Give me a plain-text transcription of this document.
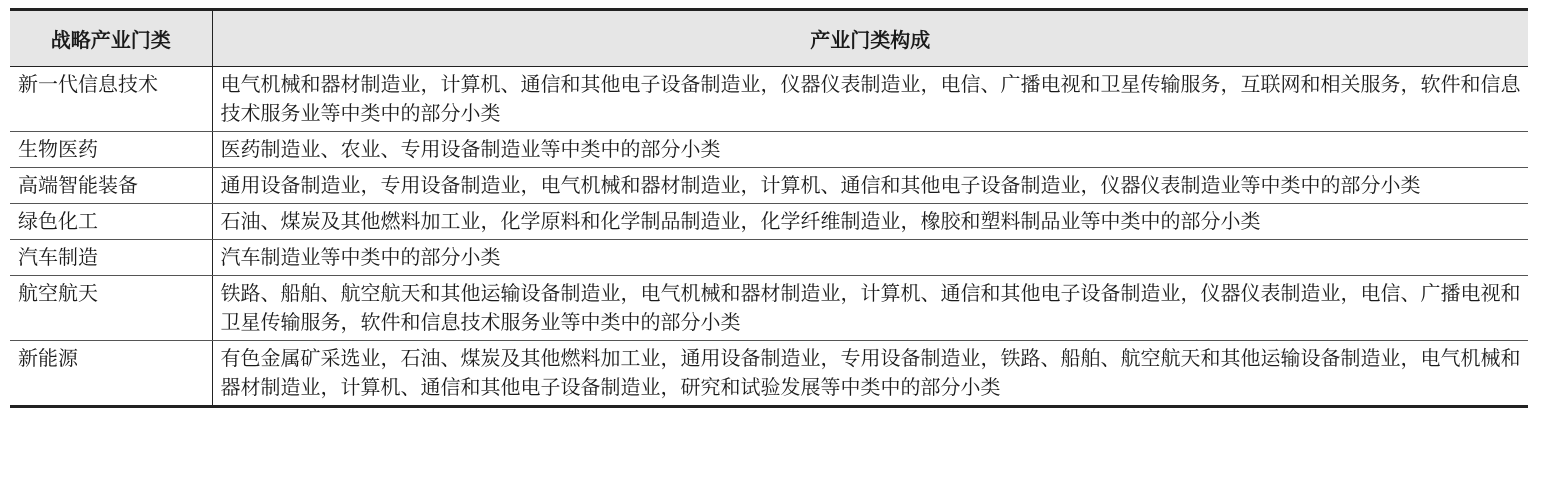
战略产业门类	产业门类构成
新一代信息技术	电气机械和器材制造业，计算机、通信和其他电子设备制造业，仪器仪表制造业，电信、广播电视和卫星传输服务，互联网和相关服务，软件和信息技术服务业等中类中的部分小类
生物医药	医药制造业、农业、专用设备制造业等中类中的部分小类
高端智能装备	通用设备制造业，专用设备制造业，电气机械和器材制造业，计算机、通信和其他电子设备制造业，仪器仪表制造业等中类中的部分小类
绿色化工	石油、煤炭及其他燃料加工业，化学原料和化学制品制造业，化学纤维制造业，橡胶和塑料制品业等中类中的部分小类
汽车制造	汽车制造业等中类中的部分小类
航空航天	铁路、船舶、航空航天和其他运输设备制造业，电气机械和器材制造业，计算机、通信和其他电子设备制造业，仪器仪表制造业，电信、广播电视和卫星传输服务，软件和信息技术服务业等中类中的部分小类
新能源	有色金属矿采选业，石油、煤炭及其他燃料加工业，通用设备制造业，专用设备制造业，铁路、船舶、航空航天和其他运输设备制造业，电气机械和器材制造业，计算机、通信和其他电子设备制造业，研究和试验发展等中类中的部分小类
